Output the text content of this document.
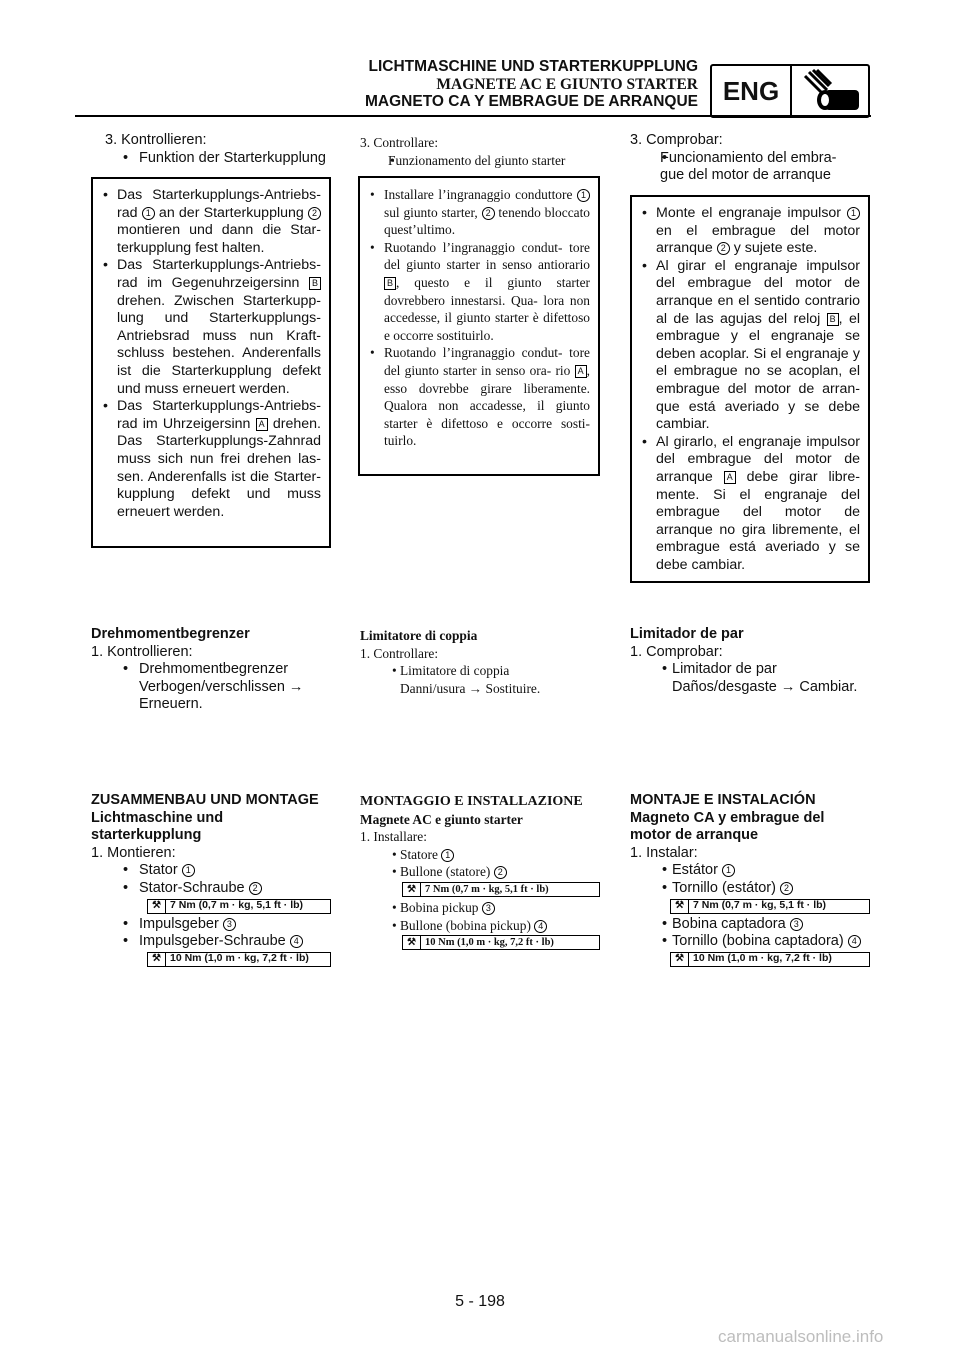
LICHTMASCHINE UND STARTERKUPPLUNG
MAGNETE AC E GIUNTO STARTER
MAGNETO CA Y EMBRAGUE DE ARRANQUE ENG
3. Kontrollieren:
• Funktion der Starterkupplung
• Das Starterkupplungs-Antriebs- rad 1 an der Starterkupplung 2 montieren und dann die Star- terkupplung fest halten.
• Das Starterkupplungs-Antriebs- rad im Gegenuhrzeigersinn B drehen. Zwischen Starterkupp- lung und Starterkupplungs- Antriebsrad muss nun Kraft- schluss bestehen. Anderenfalls ist die Starterkupplung defekt und muss erneuert werden.
• Das Starterkupplungs-Antriebs- rad im Uhrzeigersinn A drehen. Das Starterkupplungs-Zahnrad muss sich nun frei drehen las- sen. Anderenfalls ist die Starter- kupplung defekt und muss erneuert werden.
Drehmomentbegrenzer
1. Kontrollieren:
• Drehmomentbegrenzer
Verbogen/verschlissen →
Erneuern.
ZUSAMMENBAU UND MONTAGE
Lichtmaschine und
starterkupplung
1. Montieren:
• Stator 1
• Stator-Schraube 2
⚒ 7 Nm (0,7 m · kg, 5,1 ft · lb)
• Impulsgeber 3
• Impulsgeber-Schraube 4
⚒ 10 Nm (1,0 m · kg, 7,2 ft · lb)
3. Controllare:
• Funzionamento del giunto starter
• Installare l’ingranaggio conduttore 1 sul giunto starter, 2 tenendo bloccato quest’ultimo.
• Ruotando l’ingranaggio condut- tore del giunto starter in senso antiorario B , questo e il giunto starter dovrebbero innestarsi. Qua- lora non accedesse, il giunto starter è difettoso e occorre sostituirlo.
• Ruotando l’ingranaggio condut- tore del giunto starter in senso ora- rio A , esso dovrebbe girare liberamente. Qualora non accadesse, il giunto starter è difettoso e occorre sosti- tuirlo.
Limitatore di coppia
1. Controllare:
• Limitatore di coppia
Danni/usura → Sostituire.
MONTAGGIO E INSTALLAZIONE
Magnete AC e giunto starter
1. Installare:
• Statore 1
• Bullone (statore) 2
⚒ 7 Nm (0,7 m · kg, 5,1 ft · lb)
• Bobina pickup 3
• Bullone (bobina pickup) 4
⚒ 10 Nm (1,0 m · kg, 7,2 ft · lb)
3. Comprobar:
• Funcionamiento del embra-
gue del motor de arranque
• Monte el engranaje impulsor 1 en el embrague del motor arranque 2 y sujete este.
• Al girar el engranaje impulsor del embrague del motor de arranque en el sentido contrario al de las agujas del reloj B , el embrague y el engranaje se deben acoplar. Si el engranaje y el embrague no se acoplan, el embrague del motor de arran- que está averiado y se debe cambiar.
• Al girarlo, el engranaje impulsor del embrague del motor de arranque A debe girar libre- mente. Si el engranaje del embrague del motor de arranque no gira libremente, el embrague está averiado y se debe cambiar.
Limitador de par
1. Comprobar:
• Limitador de par
Daños/desgaste → Cambiar.
MONTAJE E INSTALACIÓN
Magneto CA y embrague del
motor de arranque
1. Instalar:
• Estátor 1
• Tornillo (estátor) 2
⚒ 7 Nm (0,7 m · kg, 5,1 ft · lb)
• Bobina captadora 3
• Tornillo (bobina captadora) 4
⚒ 10 Nm (1,0 m · kg, 7,2 ft · lb)
5 - 198
carmanualsonline.info
